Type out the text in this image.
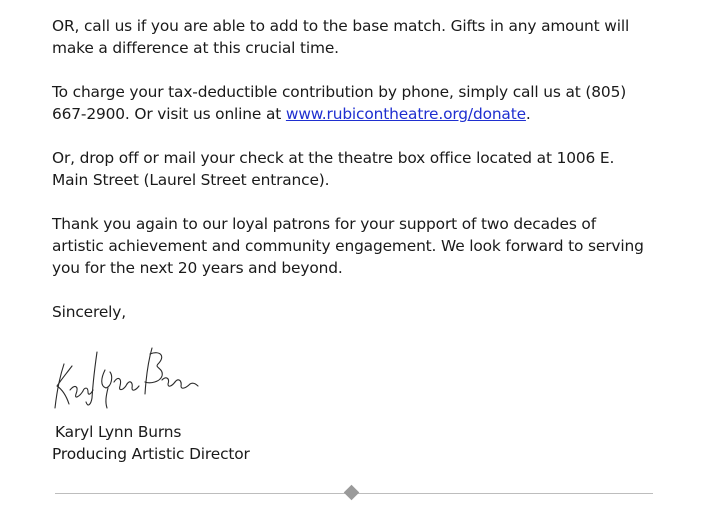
OR, call us if you are able to add to the base match. Gifts in any amount will make a difference at this crucial time.

To charge your tax-deductible contribution by phone, simply call us at (805) 667-2900. Or visit us online at www.rubicontheatre.org/donate.

Or, drop off or mail your check at the theatre box office located at 1006 E. Main Street (Laurel Street entrance).

Thank you again to our loyal patrons for your support of two decades of artistic achievement and community engagement. We look forward to serving you for the next 20 years and beyond.

Sincerely,

Karyl Lynn Burns
Producing Artistic Director
